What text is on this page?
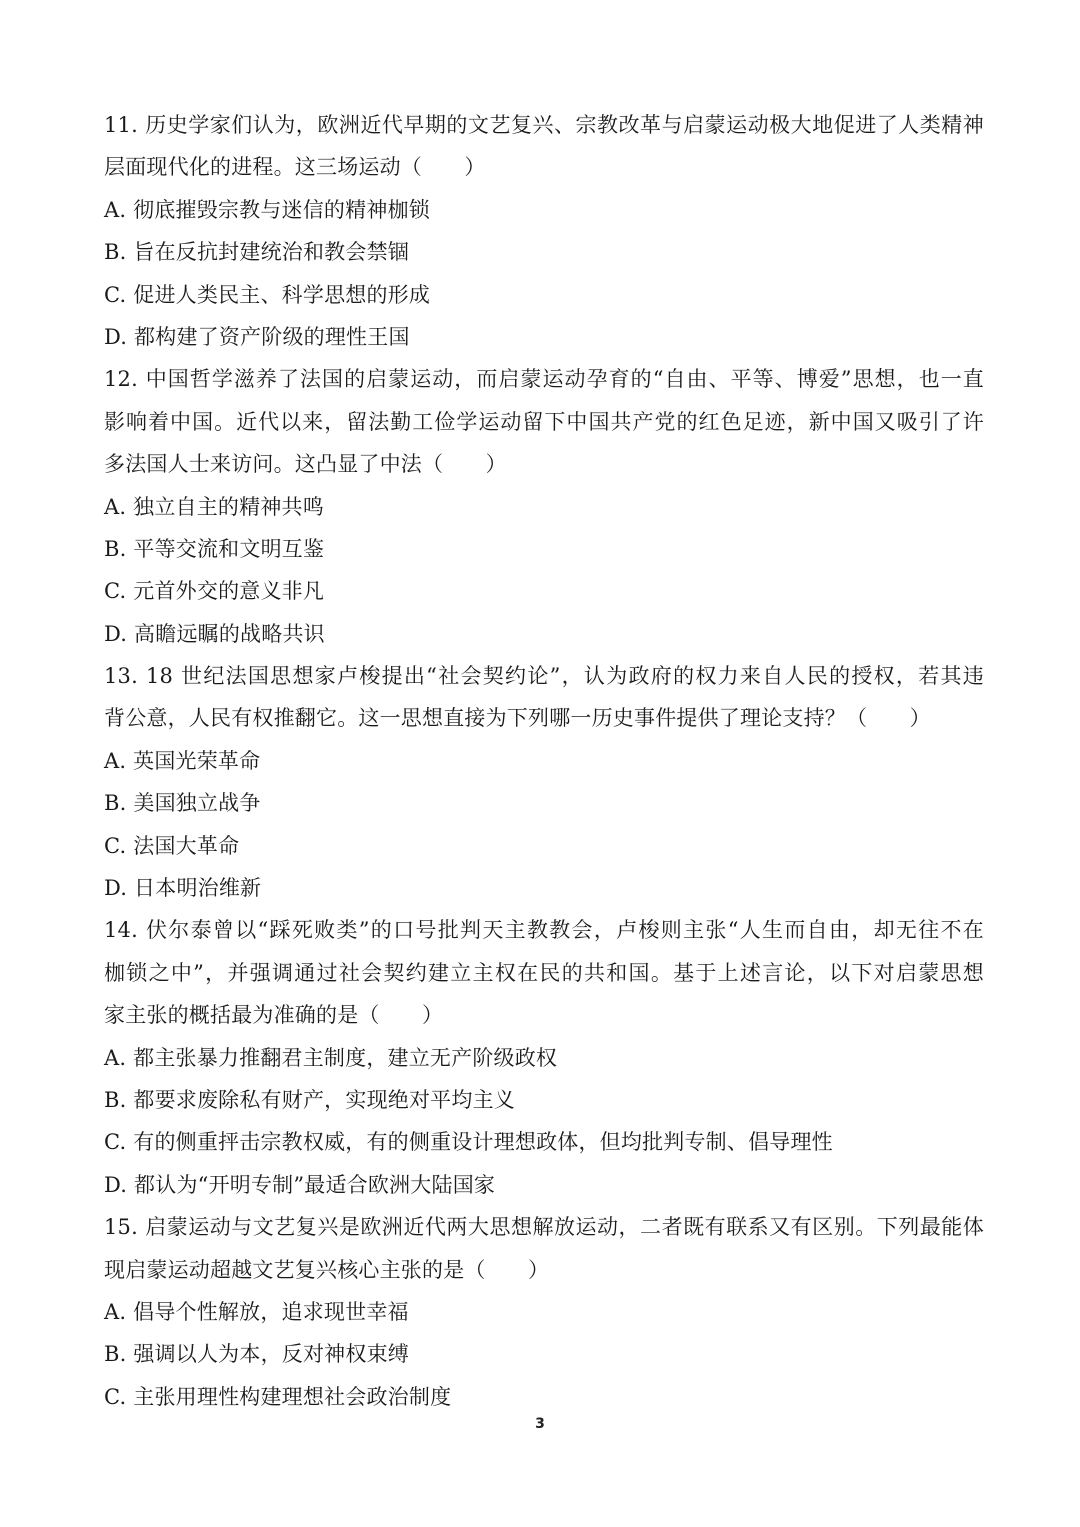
11. 历史学家们认为，欧洲近代早期的文艺复兴、宗教改革与启蒙运动极大地促进了人类精神
层面现代化的进程。这三场运动（　　）
A. 彻底摧毁宗教与迷信的精神枷锁
B. 旨在反抗封建统治和教会禁锢
C. 促进人类民主、科学思想的形成
D. 都构建了资产阶级的理性王国
12. 中国哲学滋养了法国的启蒙运动，而启蒙运动孕育的“自由、平等、博爱”思想，也一直
影响着中国。近代以来，留法勤工俭学运动留下中国共产党的红色足迹，新中国又吸引了许
多法国人士来访问。这凸显了中法（　　）
A. 独立自主的精神共鸣
B. 平等交流和文明互鉴
C. 元首外交的意义非凡
D. 高瞻远瞩的战略共识
13. 18 世纪法国思想家卢梭提出“社会契约论”，认为政府的权力来自人民的授权，若其违
背公意，人民有权推翻它。这一思想直接为下列哪一历史事件提供了理论支持？（　　）
A. 英国光荣革命
B. 美国独立战争
C. 法国大革命
D. 日本明治维新
14. 伏尔泰曾以“踩死败类”的口号批判天主教教会，卢梭则主张“人生而自由，却无往不在
枷锁之中”，并强调通过社会契约建立主权在民的共和国。基于上述言论，以下对启蒙思想
家主张的概括最为准确的是（　　）
A. 都主张暴力推翻君主制度，建立无产阶级政权
B. 都要求废除私有财产，实现绝对平均主义
C. 有的侧重抨击宗教权威，有的侧重设计理想政体，但均批判专制、倡导理性
D. 都认为“开明专制”最适合欧洲大陆国家
15. 启蒙运动与文艺复兴是欧洲近代两大思想解放运动，二者既有联系又有区别。下列最能体
现启蒙运动超越文艺复兴核心主张的是（　　）
A. 倡导个性解放，追求现世幸福
B. 强调以人为本，反对神权束缚
C. 主张用理性构建理想社会政治制度
3
